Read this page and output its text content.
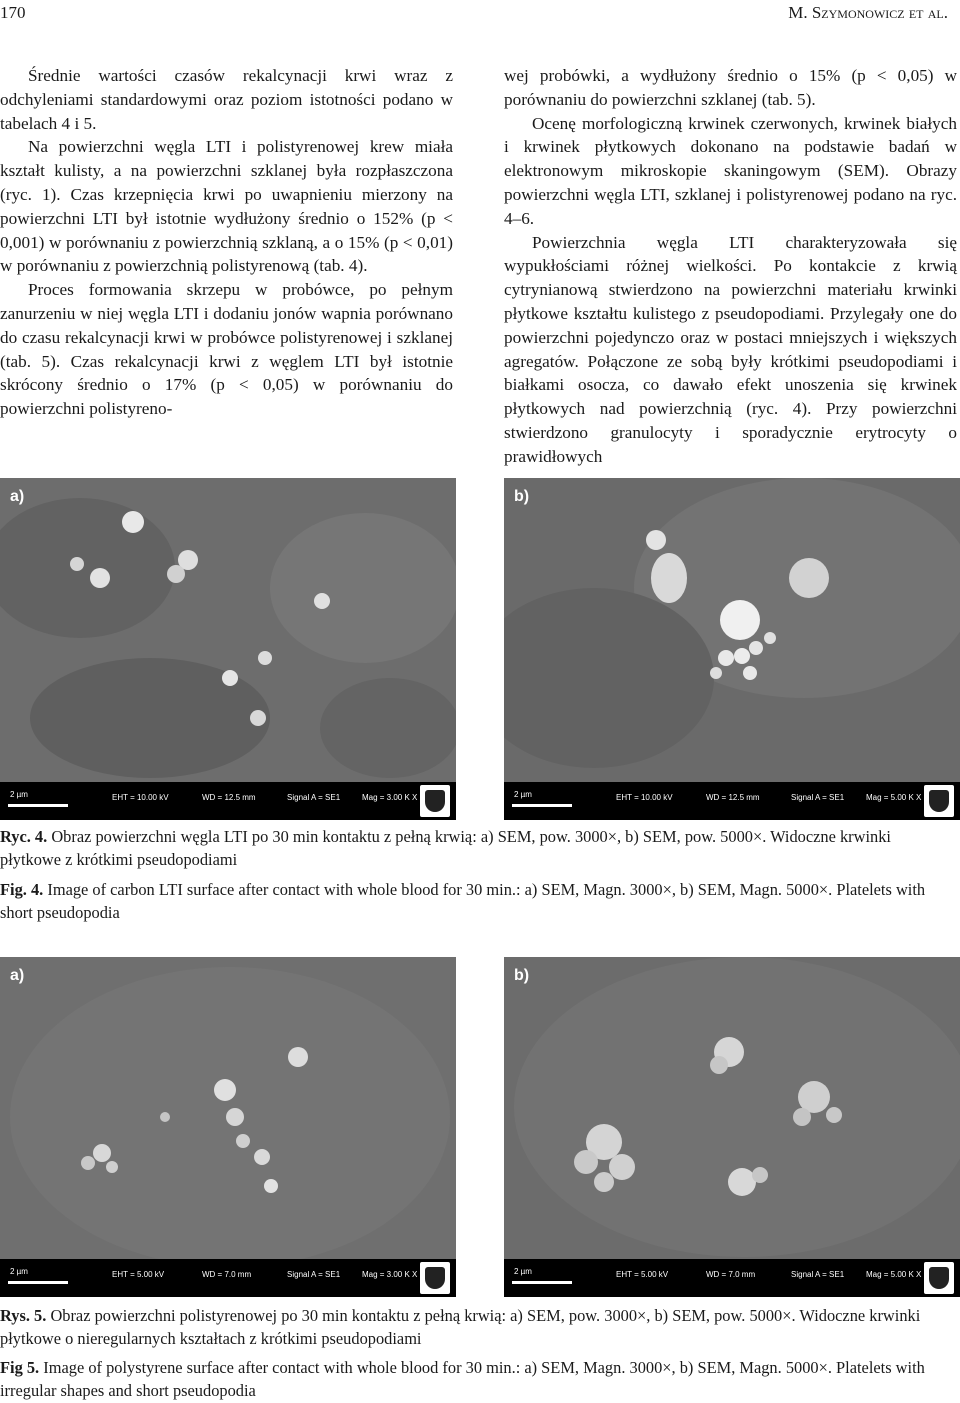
170	M. Szymonowicz et al.

Średnie wartości czasów rekalcynacji krwi wraz z odchyleniami standardowymi oraz poziom istotności podano w tabelach 4 i 5.

Na powierzchni węgla LTI i polistyrenowej krew miała kształt kulisty, a na powierzchni szklanej była rozpłaszczona (ryc. 1). Czas krzepnięcia krwi po uwapnieniu mierzony na powierzchni LTI był istotnie wydłużony średnio o 152% (p < 0,001) w porównaniu z powierzchnią szklaną, a o 15% (p < 0,01) w porównaniu z powierzchnią polistyrenową (tab. 4).

Proces formowania skrzepu w probówce, po pełnym zanurzeniu w niej węgla LTI i dodaniu jonów wapnia porównano do czasu rekalcynacji krwi w probówce polistyrenowej i szklanej (tab. 5). Czas rekalcynacji krwi z węglem LTI był istotnie skrócony średnio o 17% (p < 0,05) w porównaniu do powierzchni polistyreno-

wej probówki, a wydłużony średnio o 15% (p < 0,05) w porównaniu do powierzchni szklanej (tab. 5).

Ocenę morfologiczną krwinek czerwonych, krwinek białych i krwinek płytkowych dokonano na podstawie badań w elektronowym mikroskopie skaningowym (SEM). Obrazy powierzchni węgla LTI, szklanej i polistyrenowej podano na ryc. 4–6.

Powierzchnia węgla LTI charakteryzowała się wypukłościami różnej wielkości. Po kontakcie z krwią cytrynianową stwierdzono na powierzchni materiału krwinki płytkowe kształtu kulistego z pseudopodiami. Przylegały one do powierzchni pojedynczo oraz w postaci mniejszych i większych agregatów. Połączone ze sobą były krótkimi pseudopodiami i białkami osocza, co dawało efekt unoszenia się krwinek płytkowych nad powierzchnią (ryc. 4). Przy powierzchni stwierdzono granulocyty i sporadycznie erytrocyty o prawidłowych

a)
2 µm	EHT = 10.00 kV	WD = 12.5 mm	Signal A = SE1	Mag = 3.00 K X
b)
2 µm	EHT = 10.00 kV	WD = 12.5 mm	Signal A = SE1	Mag = 5.00 K X
Ryc. 4. Obraz powierzchni węgla LTI po 30 min kontaktu z pełną krwią: a) SEM, pow. 3000×, b) SEM, pow. 5000×. Widoczne krwinki płytkowe z krótkimi pseudopodiami
Fig. 4. Image of carbon LTI surface after contact with whole blood for 30 min.: a) SEM, Magn. 3000×, b) SEM, Magn. 5000×. Platelets with short pseudopodia
a)
2 µm	EHT = 5.00 kV	WD = 7.0 mm	Signal A = SE1	Mag = 3.00 K X
b)
2 µm	EHT = 5.00 kV	WD = 7.0 mm	Signal A = SE1	Mag = 5.00 K X
Rys. 5. Obraz powierzchni polistyrenowej po 30 min kontaktu z pełną krwią: a) SEM, pow. 3000×, b) SEM, pow. 5000×. Widoczne krwinki płytkowe o nieregularnych kształtach z krótkimi pseudopodiami
Fig 5. Image of polystyrene surface after contact with whole blood for 30 min.: a) SEM, Magn. 3000×, b) SEM, Magn. 5000×. Platelets with irregular shapes and short pseudopodia
